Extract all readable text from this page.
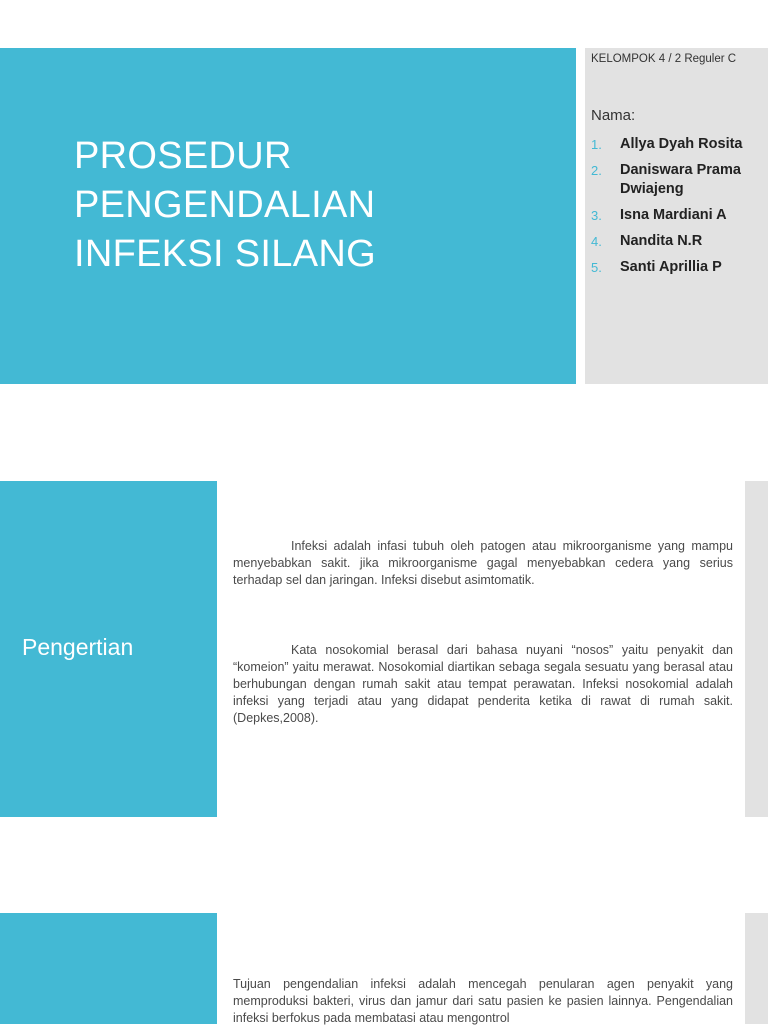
PROSEDUR
PENGENDALIAN
INFEKSI SILANG
KELOMPOK 4 / 2 Reguler C
Nama:
1.	Allya Dyah Rosita
2.	Daniswara Prama Dwiajeng
3.	Isna Mardiani A
4.	Nandita N.R
5.	Santi Aprillia P
Pengertian

Infeksi adalah infasi tubuh oleh patogen atau mikroorganisme yang mampu menyebabkan sakit. jika mikroorganisme gagal menyebabkan cedera yang serius terhadap sel dan jaringan. Infeksi disebut asimtomatik.

Kata nosokomial berasal dari bahasa nuyani “nosos” yaitu penyakit dan “komeion” yaitu merawat. Nosokomial diartikan sebaga segala sesuatu yang berasal atau berhubungan dengan rumah sakit atau tempat perawatan. Infeksi nosokomial adalah infeksi yang terjadi atau yang didapat penderita ketika di rawat di rumah sakit. (Depkes,2008).

Tujuan pengendalian infeksi adalah mencegah penularan agen penyakit yang memproduksi bakteri, virus dan jamur dari satu pasien ke pasien lainnya. Pengendalian infeksi berfokus pada membatasi atau mengontrol
